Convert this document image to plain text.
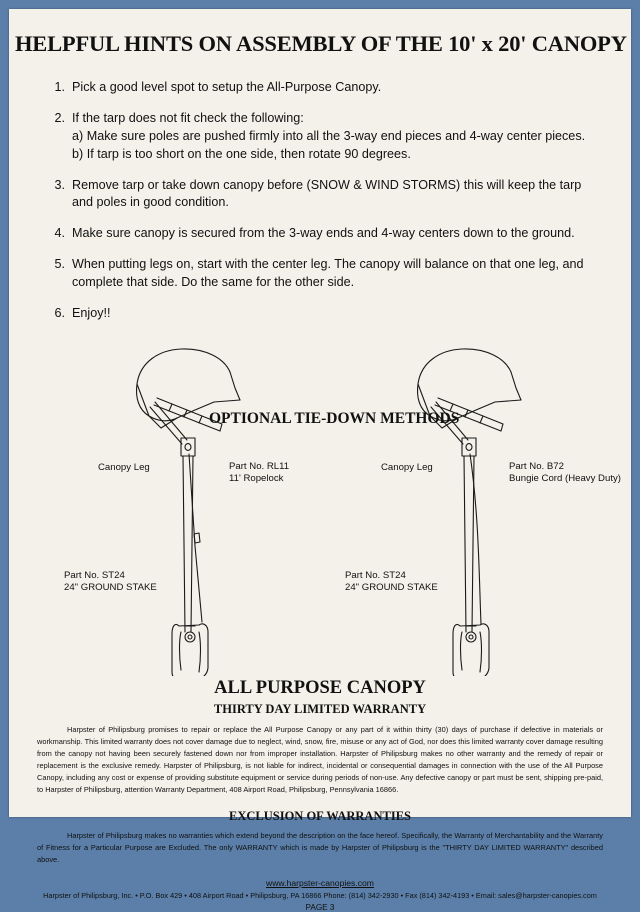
HELPFUL HINTS ON ASSEMBLY OF THE 10' x 20' CANOPY
1. Pick a good level spot to setup the All-Purpose Canopy.
2. If the tarp does not fit check the following:
a) Make sure poles are pushed firmly into all the 3-way end pieces and 4-way center pieces.
b) If tarp is too short on the one side, then rotate 90 degrees.
3. Remove tarp or take down canopy before (SNOW & WIND STORMS) this will keep the tarp and poles in good condition.
4. Make sure canopy is secured from the 3-way ends and 4-way centers down to the ground.
5. When putting legs on, start with the center leg. The canopy will balance on that one leg, and complete that side. Do the same for the other side.
6. Enjoy!!
OPTIONAL TIE-DOWN METHODS
Canopy Leg	Part No. RL11
11' Ropelock
Part No. ST24
24" GROUND STAKE
Canopy Leg	Part No. B72
Bungie Cord (Heavy Duty)
Part No. ST24
24" GROUND STAKE
ALL PURPOSE CANOPY
THIRTY DAY LIMITED WARRANTY
Harpster of Philipsburg promises to repair or replace the All Purpose Canopy or any part of it within thirty (30) days of purchase if defective in materials or workmanship. This limited warranty does not cover damage due to neglect, wind, snow, fire, misuse or any act of God, nor does this limited warranty cover damage resulting from the canopy not having been securely fastened down nor from improper installation. Harpster of Philipsburg makes no other warranty and the remedy of repair or replacement is the exclusive remedy. Harpster of Philipsburg, is not liable for indirect, incidental or consequential damages in connection with the use of the All Purpose Canopy, including any cost or expense of providing substitute equipment or service during periods of non-use. Any defective canopy or part must be sent, shipping pre-paid, to Harpster of Philipsburg, attention Warranty Department, 408 Airport Road, Philipsburg, Pennsylvania 16866.
EXCLUSION OF WARRANTIES
Harpster of Philipsburg makes no warranties which extend beyond the description on the face hereof. Specifically, the Warranty of Merchantability and the Warranty of Fitness for a Particular Purpose are Excluded. The only WARRANTY which is made by Harpster of Philipsburg is the "THIRTY DAY LIMITED WARRANTY" described above.
www.harpster-canopies.com
Harpster of Philipsburg, Inc. • P.O. Box 429 • 408 Airport Road • Philipsburg, PA 16866 Phone: (814) 342-2930 • Fax (814) 342-4193 • Email: sales@harpster-canopies.com
PAGE 3
